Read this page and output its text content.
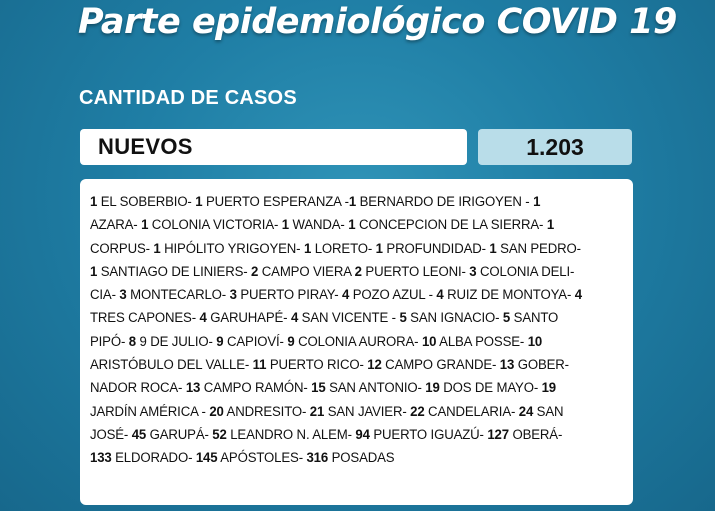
Parte epidemiológico COVID 19
CANTIDAD DE CASOS
NUEVOS	1.203
1 EL SOBERBIO- 1 PUERTO ESPERANZA -1 BERNARDO DE IRIGOYEN - 1
AZARA- 1 COLONIA VICTORIA- 1 WANDA- 1 CONCEPCION DE LA SIERRA- 1
CORPUS- 1 HIPÓLITO YRIGOYEN- 1 LORETO- 1 PROFUNDIDAD- 1 SAN PEDRO-
1 SANTIAGO DE LINIERS- 2 CAMPO VIERA 2 PUERTO LEONI- 3 COLONIA DELI-
CIA- 3 MONTECARLO- 3 PUERTO PIRAY- 4 POZO AZUL - 4 RUIZ DE MONTOYA- 4
TRES CAPONES- 4 GARUHAPÉ- 4 SAN VICENTE - 5 SAN IGNACIO- 5 SANTO
PIPÓ- 8 9 DE JULIO- 9 CAPIOVÍ- 9 COLONIA AURORA- 10 ALBA POSSE- 10
ARISTÓBULO DEL VALLE- 11 PUERTO RICO- 12 CAMPO GRANDE- 13 GOBER-
NADOR ROCA- 13 CAMPO RAMÓN- 15 SAN ANTONIO- 19 DOS DE MAYO- 19
JARDÍN AMÉRICA - 20 ANDRESITO- 21 SAN JAVIER- 22 CANDELARIA- 24 SAN
JOSÉ- 45 GARUPÁ- 52 LEANDRO N. ALEM- 94 PUERTO IGUAZÚ- 127 OBERÁ-
133 ELDORADO- 145 APÓSTOLES- 316 POSADAS
